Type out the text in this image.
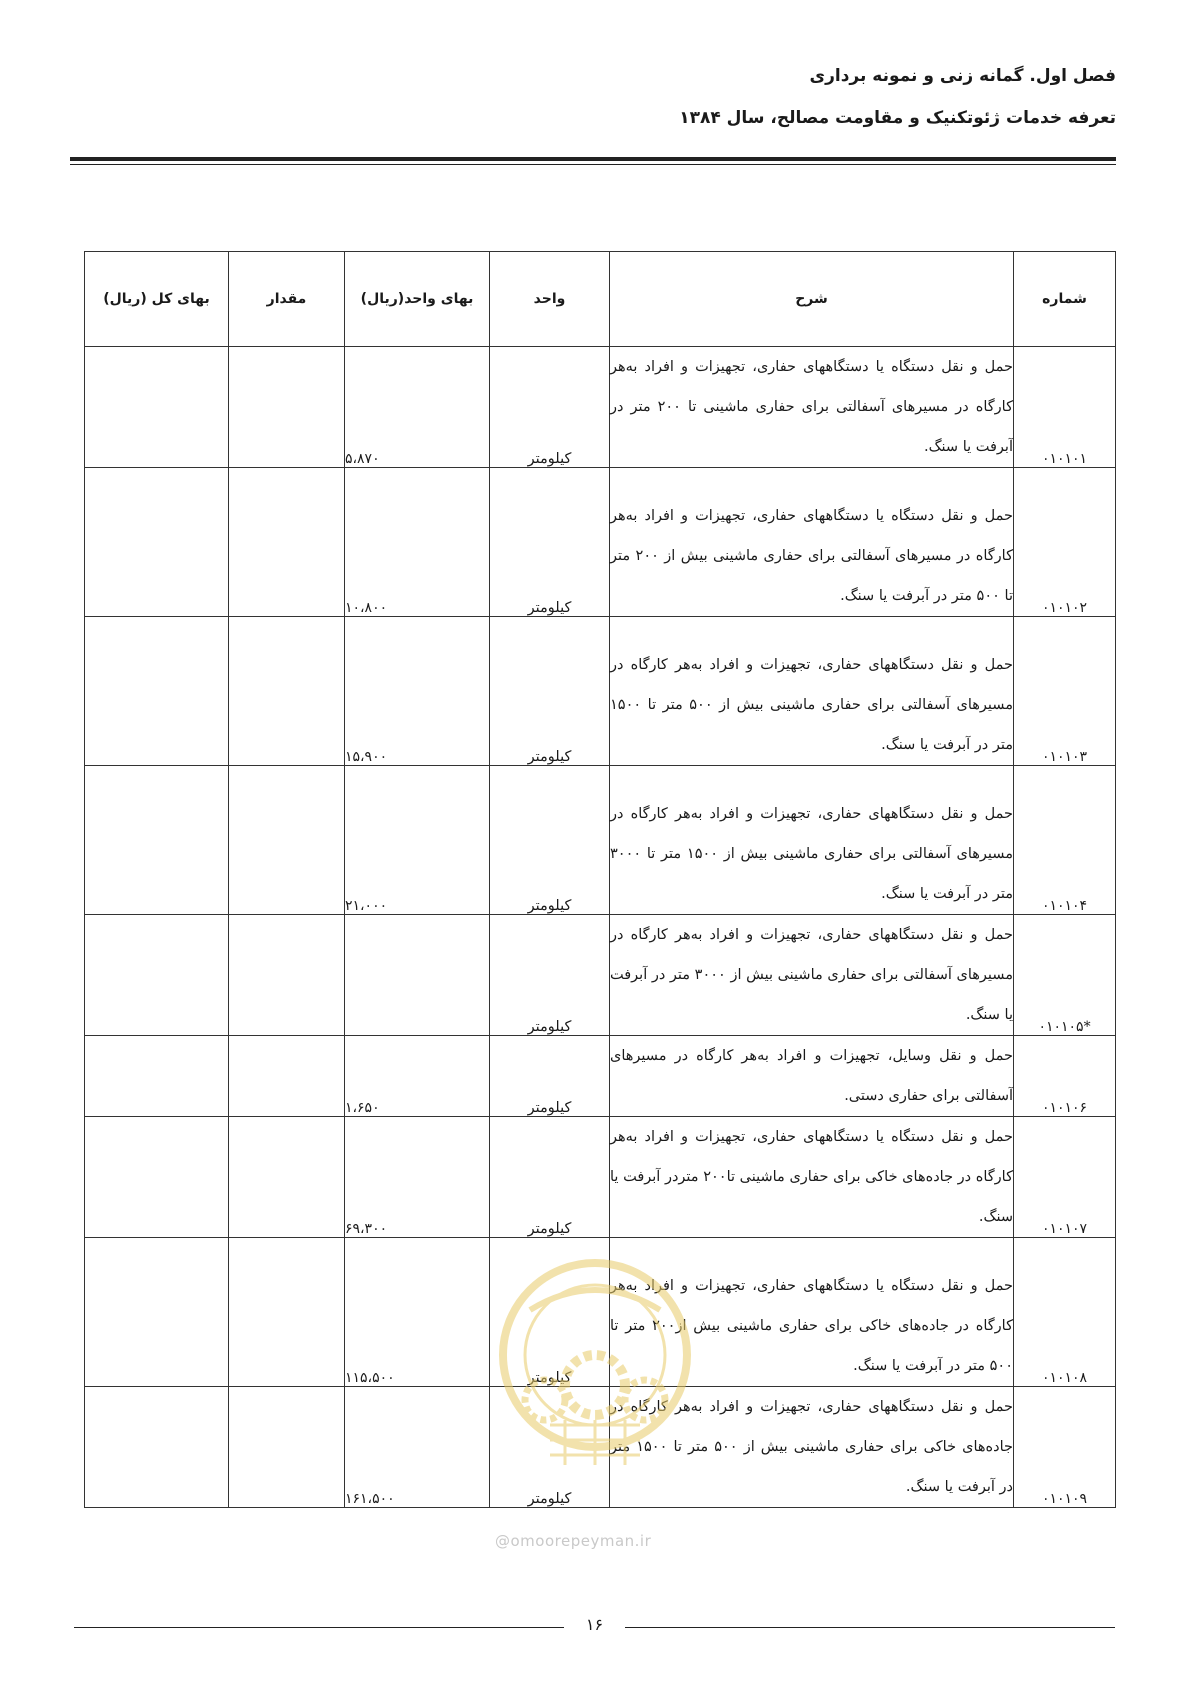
فصل اول. گمانه زنی و نمونه برداری
تعرفه خدمات ژئوتکنیک و مقاومت مصالح، سال ۱۳۸۴
شماره	شرح	واحد	بهای واحد(ریال)	مقدار	بهای کل (ریال)
۰۱۰۱۰۱	حمل و نقل دستگاه یا دستگاههای حفاری، تجهیزات و افراد به‌هر کارگاه در مسیرهای آسفالتی برای حفاری ماشینی تا ۲۰۰ متر در آبرفت یا سنگ.	کیلومتر	۵،۸۷۰		
۰۱۰۱۰۲	حمل و نقل دستگاه یا دستگاههای حفاری، تجهیزات و افراد به‌هر کارگاه در مسیرهای آسفالتی برای حفاری ماشینی بیش از ۲۰۰ متر تا ۵۰۰ متر در آبرفت یا سنگ.	کیلومتر	۱۰،۸۰۰		
۰۱۰۱۰۳	حمل و نقل دستگاههای حفاری، تجهیزات و افراد به‌هر کارگاه در مسیرهای آسفالتی برای حفاری ماشینی بیش از ۵۰۰ متر تا ۱۵۰۰ متر در آبرفت یا سنگ.	کیلومتر	۱۵،۹۰۰		
۰۱۰۱۰۴	حمل و نقل دستگاههای حفاری، تجهیزات و افراد به‌هر کارگاه در مسیرهای آسفالتی برای حفاری ماشینی بیش از ۱۵۰۰ متر تا ۳۰۰۰ متر در آبرفت یا سنگ.	کیلومتر	۲۱،۰۰۰		
*۰۱۰۱۰۵	حمل و نقل دستگاههای حفاری، تجهیزات و افراد به‌هر کارگاه در مسیرهای آسفالتی برای حفاری ماشینی بیش از ۳۰۰۰ متر در آبرفت یا سنگ.	کیلومتر			
۰۱۰۱۰۶	حمل و نقل وسایل، تجهیزات و افراد به‌هر کارگاه در مسیرهای آسفالتی برای حفاری دستی.	کیلومتر	۱،۶۵۰		
۰۱۰۱۰۷	حمل و نقل دستگاه یا دستگاههای حفاری، تجهیزات و افراد به‌هر کارگاه در جاده‌های خاکی برای حفاری ماشینی تا۲۰۰ متردر آبرفت یا سنگ.	کیلومتر	۶۹،۳۰۰		
۰۱۰۱۰۸	حمل و نقل دستگاه یا دستگاههای حفاری، تجهیزات و افراد به‌هر کارگاه در جاده‌های خاکی برای حفاری ماشینی بیش از۲۰۰ متر تا ۵۰۰ متر در آبرفت یا سنگ.	کیلومتر	۱۱۵،۵۰۰		
۰۱۰۱۰۹	حمل و نقل دستگاههای حفاری، تجهیزات و افراد به‌هر کارگاه در جاده‌های خاکی برای حفاری ماشینی بیش از ۵۰۰ متر تا ۱۵۰۰ متر در آبرفت یا سنگ.	کیلومتر	۱۶۱،۵۰۰		
@omoorepeyman.ir
۱۶
